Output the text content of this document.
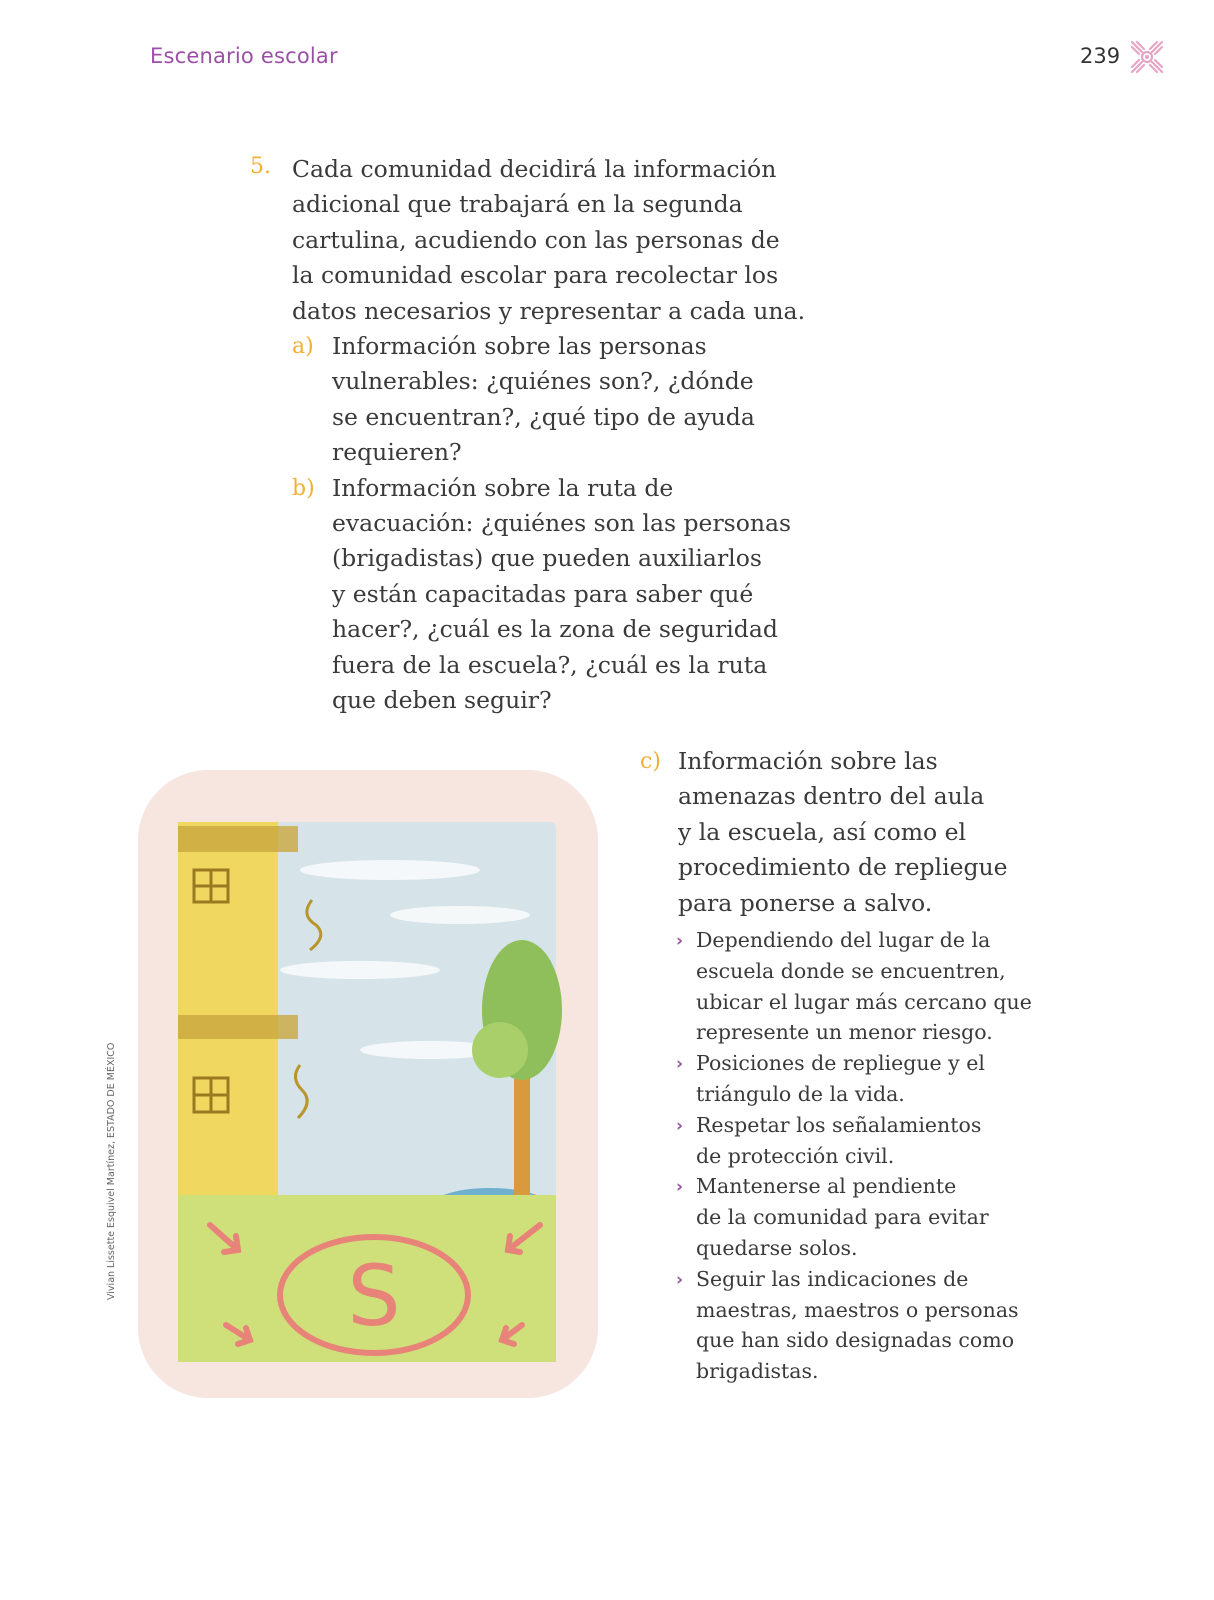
Escenario escolar	239
5. Cada comunidad decidirá la información
adicional que trabajará en la segunda
cartulina, acudiendo con las personas de
la comunidad escolar para recolectar los
datos necesarios y representar a cada una.

a) Información sobre las personas
vulnerables: ¿quiénes son?, ¿dónde
se encuentran?, ¿qué tipo de ayuda
requieren?
b) Información sobre la ruta de
evacuación: ¿quiénes son las personas
(brigadistas) que pueden auxiliarlos
y están capacitadas para saber qué
hacer?, ¿cuál es la zona de seguridad
fuera de la escuela?, ¿cuál es la ruta
que deben seguir?
S
Vivian Lissette Esquivel Martínez, ESTADO DE MÉXICO
c) Información sobre las
amenazas dentro del aula
y la escuela, así como el
procedimiento de repliegue
para ponerse a salvo.
› Dependiendo del lugar de la
escuela donde se encuentren,
ubicar el lugar más cercano que
represente un menor riesgo.
› Posiciones de repliegue y el
triángulo de la vida.
› Respetar los señalamientos
de protección civil.
› Mantenerse al pendiente
de la comunidad para evitar
quedarse solos.
› Seguir las indicaciones de
maestras, maestros o personas
que han sido designadas como
brigadistas.
